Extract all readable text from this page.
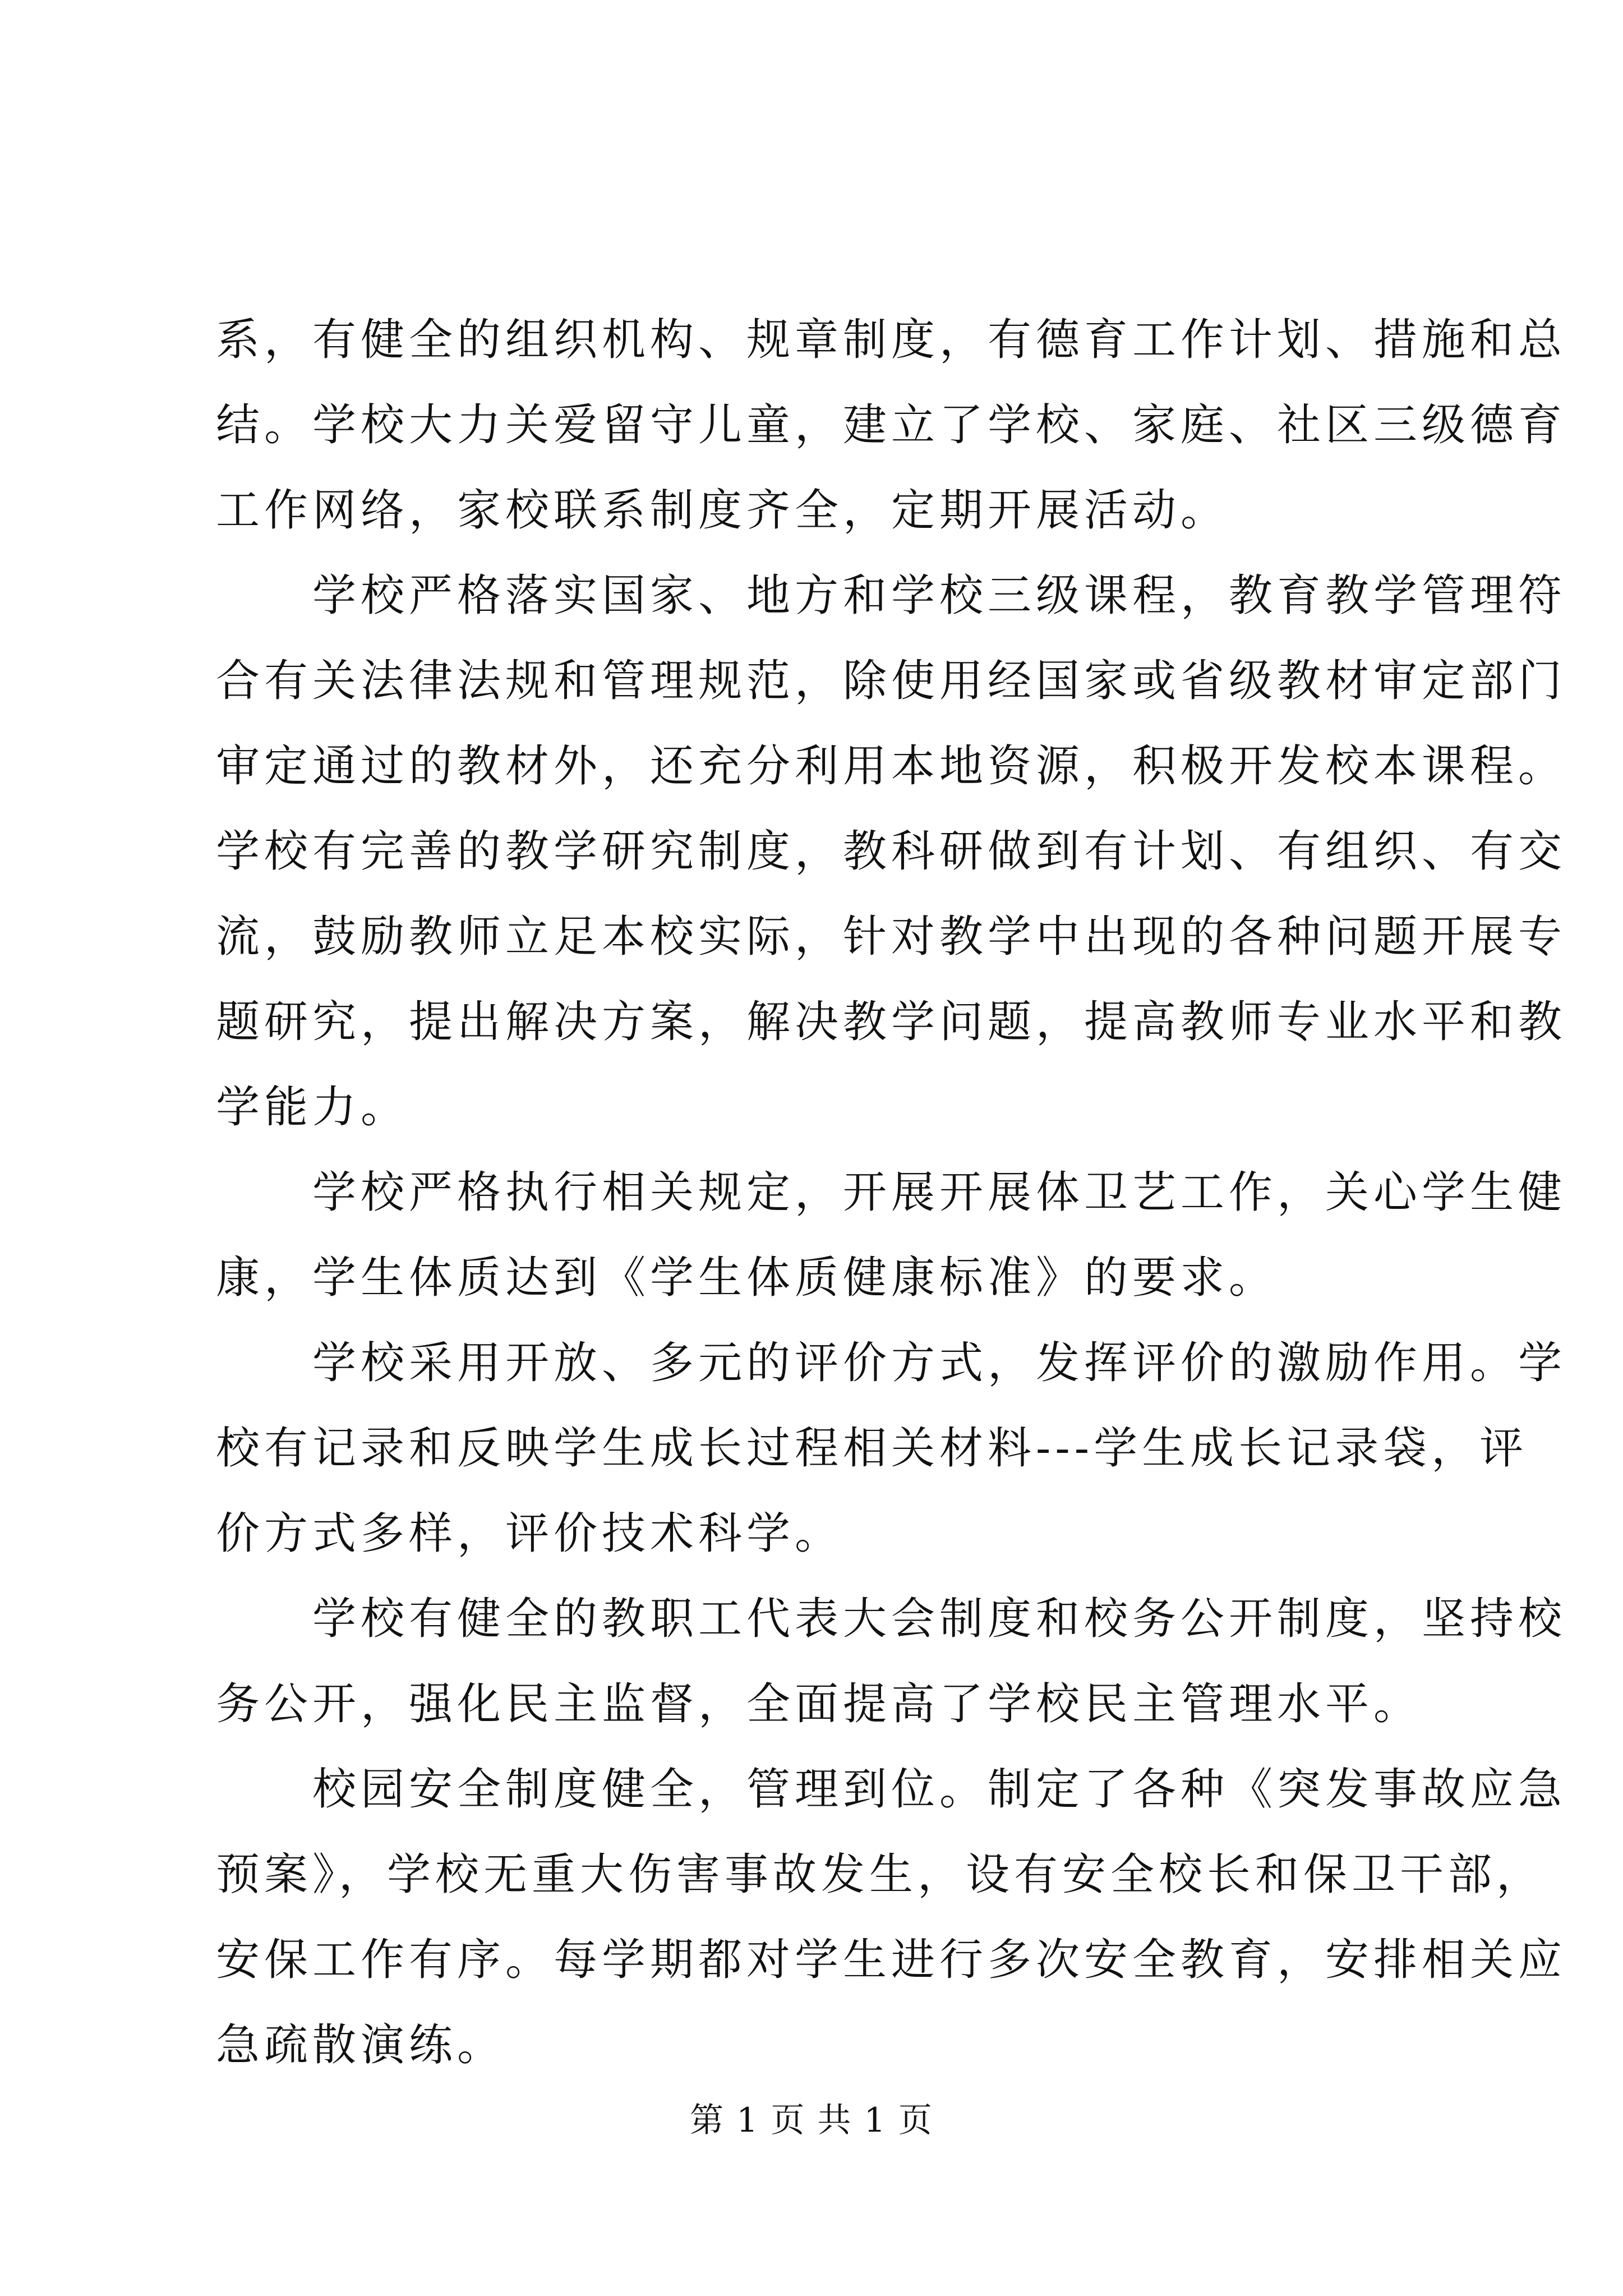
系，有健全的组织机构、规章制度，有德育工作计划、措施和总
结。学校大力关爱留守儿童，建立了学校、家庭、社区三级德育
工作网络，家校联系制度齐全，定期开展活动。
　　学校严格落实国家、地方和学校三级课程，教育教学管理符
合有关法律法规和管理规范，除使用经国家或省级教材审定部门
审定通过的教材外，还充分利用本地资源，积极开发校本课程。
学校有完善的教学研究制度，教科研做到有计划、有组织、有交
流，鼓励教师立足本校实际，针对教学中出现的各种问题开展专
题研究，提出解决方案，解决教学问题，提高教师专业水平和教
学能力。
　　学校严格执行相关规定，开展开展体卫艺工作，关心学生健
康，学生体质达到《学生体质健康标准》的要求。
　　学校采用开放、多元的评价方式，发挥评价的激励作用。学
校有记录和反映学生成长过程相关材料---学生成长记录袋，评
价方式多样，评价技术科学。
　　学校有健全的教职工代表大会制度和校务公开制度，坚持校
务公开，强化民主监督，全面提高了学校民主管理水平。
　　校园安全制度健全，管理到位。制定了各种《突发事故应急
预案》，学校无重大伤害事故发生，设有安全校长和保卫干部，
安保工作有序。每学期都对学生进行多次安全教育，安排相关应
急疏散演练。
第 1 页 共 1 页
